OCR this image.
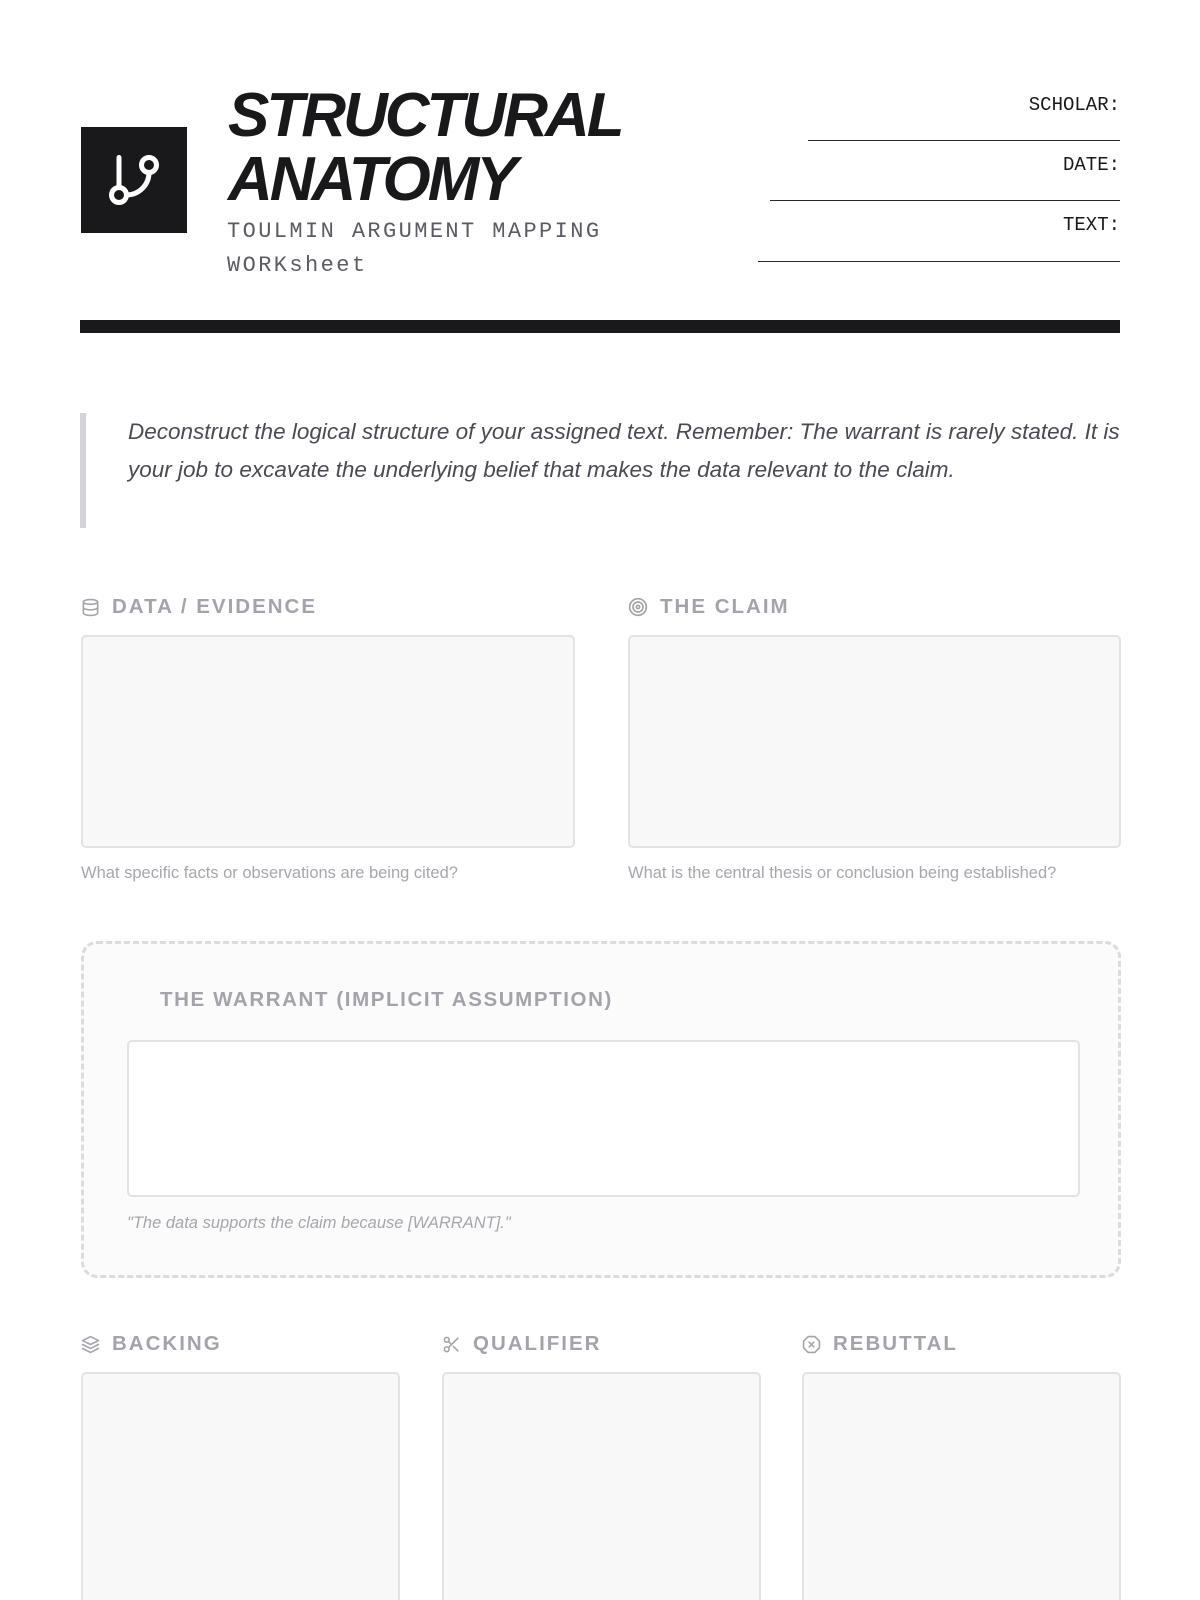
STRUCTURAL
ANATOMY
TOULMIN ARGUMENT MAPPING WORKsheet
SCHOLAR:
DATE:
TEXT:

Deconstruct the logical structure of your assigned text. Remember: The warrant is rarely stated. It is your job to excavate the underlying belief that makes the data relevant to the claim.

DATA / EVIDENCE
What specific facts or observations are being cited?
THE CLAIM
What is the central thesis or conclusion being established?
THE WARRANT (IMPLICIT ASSUMPTION)
"The data supports the claim because [WARRANT]."
BACKING	QUALIFIER	REBUTTAL
